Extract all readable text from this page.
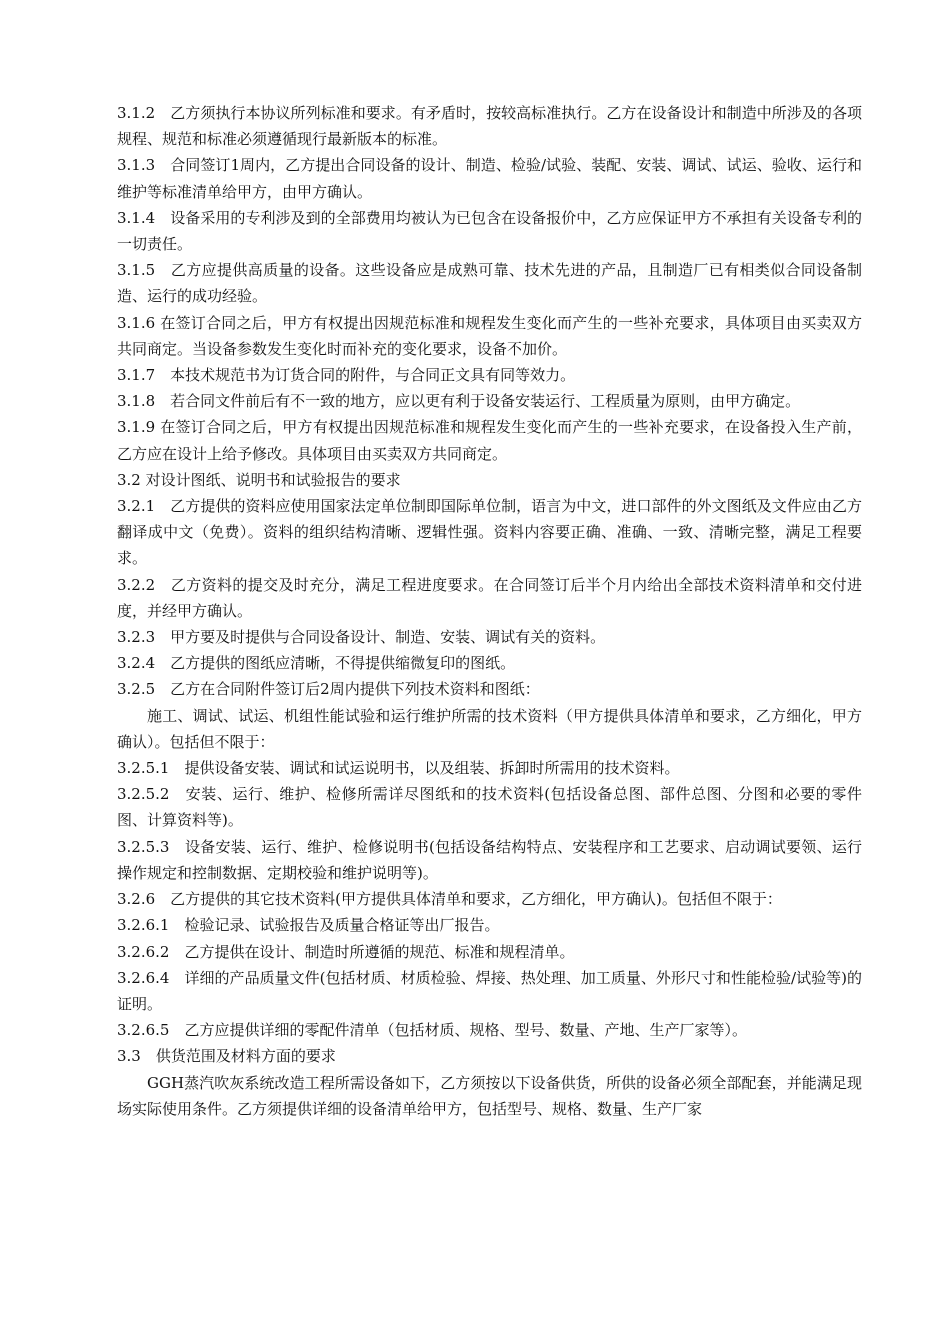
3.1.2　乙方须执行本协议所列标准和要求。有矛盾时，按较高标准执行。乙方在设备设计和制造中所涉及的各项规程、规范和标准必须遵循现行最新版本的标准。

3.1.3　合同签订1周内，乙方提出合同设备的设计、制造、检验/试验、装配、安装、调试、试运、验收、运行和维护等标准清单给甲方，由甲方确认。

3.1.4　设备采用的专利涉及到的全部费用均被认为已包含在设备报价中，乙方应保证甲方不承担有关设备专利的一切责任。

3.1.5　乙方应提供高质量的设备。这些设备应是成熟可靠、技术先进的产品，且制造厂已有相类似合同设备制造、运行的成功经验。

3.1.6 在签订合同之后，甲方有权提出因规范标准和规程发生变化而产生的一些补充要求，具体项目由买卖双方共同商定。当设备参数发生变化时而补充的变化要求，设备不加价。

3.1.7　本技术规范书为订货合同的附件，与合同正文具有同等效力。

3.1.8　若合同文件前后有不一致的地方，应以更有利于设备安装运行、工程质量为原则，由甲方确定。

3.1.9 在签订合同之后，甲方有权提出因规范标准和规程发生变化而产生的一些补充要求，在设备投入生产前，乙方应在设计上给予修改。具体项目由买卖双方共同商定。

3.2 对设计图纸、说明书和试验报告的要求

3.2.1　乙方提供的资料应使用国家法定单位制即国际单位制，语言为中文，进口部件的外文图纸及文件应由乙方翻译成中文（免费）。资料的组织结构清晰、逻辑性强。资料内容要正确、准确、一致、清晰完整，满足工程要求。

3.2.2　乙方资料的提交及时充分，满足工程进度要求。在合同签订后半个月内给出全部技术资料清单和交付进度，并经甲方确认。

3.2.3　甲方要及时提供与合同设备设计、制造、安装、调试有关的资料。

3.2.4　乙方提供的图纸应清晰，不得提供缩微复印的图纸。

3.2.5　乙方在合同附件签订后2周内提供下列技术资料和图纸：

施工、调试、试运、机组性能试验和运行维护所需的技术资料（甲方提供具体清单和要求，乙方细化，甲方确认）。包括但不限于：

3.2.5.1　提供设备安装、调试和试运说明书，以及组装、拆卸时所需用的技术资料。

3.2.5.2　安装、运行、维护、检修所需详尽图纸和的技术资料(包括设备总图、部件总图、分图和必要的零件图、计算资料等)。

3.2.5.3　设备安装、运行、维护、检修说明书(包括设备结构特点、安装程序和工艺要求、启动调试要领、运行操作规定和控制数据、定期校验和维护说明等)。

3.2.6　乙方提供的其它技术资料(甲方提供具体清单和要求，乙方细化，甲方确认)。包括但不限于：

3.2.6.1　检验记录、试验报告及质量合格证等出厂报告。

3.2.6.2　乙方提供在设计、制造时所遵循的规范、标准和规程清单。

3.2.6.4　详细的产品质量文件(包括材质、材质检验、焊接、热处理、加工质量、外形尺寸和性能检验/试验等)的证明。

3.2.6.5　乙方应提供详细的零配件清单（包括材质、规格、型号、数量、产地、生产厂家等）。

3.3　供货范围及材料方面的要求

GGH蒸汽吹灰系统改造工程所需设备如下，乙方须按以下设备供货，所供的设备必须全部配套，并能满足现场实际使用条件。乙方须提供详细的设备清单给甲方，包括型号、规格、数量、生产厂家
